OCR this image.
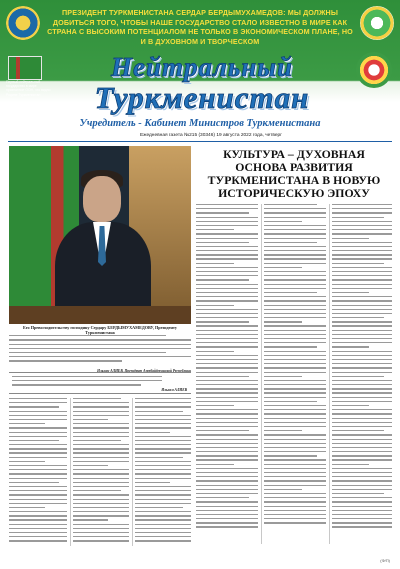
ПРЕЗИДЕНТ ТУРКМЕНИСТАНА СЕРДАР БЕРДЫМУХАМЕДОВ: МЫ ДОЛЖНЫ ДОБИТЬСЯ ТОГО, ЧТОБЫ НАШЕ ГОСУДАРСТВО СТАЛО ИЗВЕСТНО В МИРЕ КАК СТРАНА С ВЫСОКИМ ПОТЕНЦИАЛОМ НЕ ТОЛЬКО В ЭКОНОМИЧЕСКОМ ПЛАНЕ, НО И В ДУХОВНОМ И ТВОРЧЕСКОМ
Первый нейтральный государство в мире признанное ООН, что видно Родине Туркменистан
Нейтральный
Туркменистан
Учредитель - Кабинет Министров Туркменистана
Ежедневная газета №215 (30346) 19 августа 2022 года, четверг
Его Превосходительству господину Сердару БЕРДЫМУХАМЕДОВУ, Президенту Туркменистана
Ильхам АЛИЕВ, Президент Азербайджанской Республики
Ильхам АЛИЕВ
КУЛЬТУРА – ДУХОВНАЯ ОСНОВА РАЗВИТИЯ ТУРКМЕНИСТАНА В НОВУЮ ИСТОРИЧЕСКУЮ ЭПОХУ
(Ф/П)
